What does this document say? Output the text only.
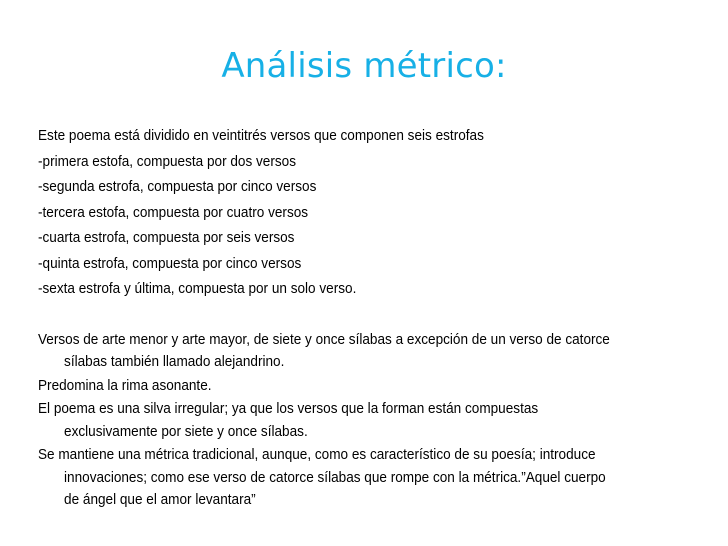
Análisis métrico:
Este poema está dividido en veintitrés versos que componen seis estrofas
-primera estofa, compuesta por dos versos
-segunda estrofa, compuesta por cinco versos
-tercera estofa, compuesta por cuatro versos
-cuarta estrofa, compuesta por seis versos
-quinta estrofa, compuesta por cinco versos
-sexta estrofa y última, compuesta por un solo verso.
Versos de arte menor y arte mayor, de siete y once sílabas a excepción de un verso de catorce
sílabas también llamado alejandrino.
Predomina la rima asonante.
El poema es una silva irregular; ya que los versos que la forman están compuestas
exclusivamente por siete y once sílabas.
Se mantiene una métrica tradicional, aunque, como es característico de su poesía; introduce
innovaciones; como ese verso de catorce sílabas que rompe con la métrica.”Aquel cuerpo
de ángel que el amor levantara”
